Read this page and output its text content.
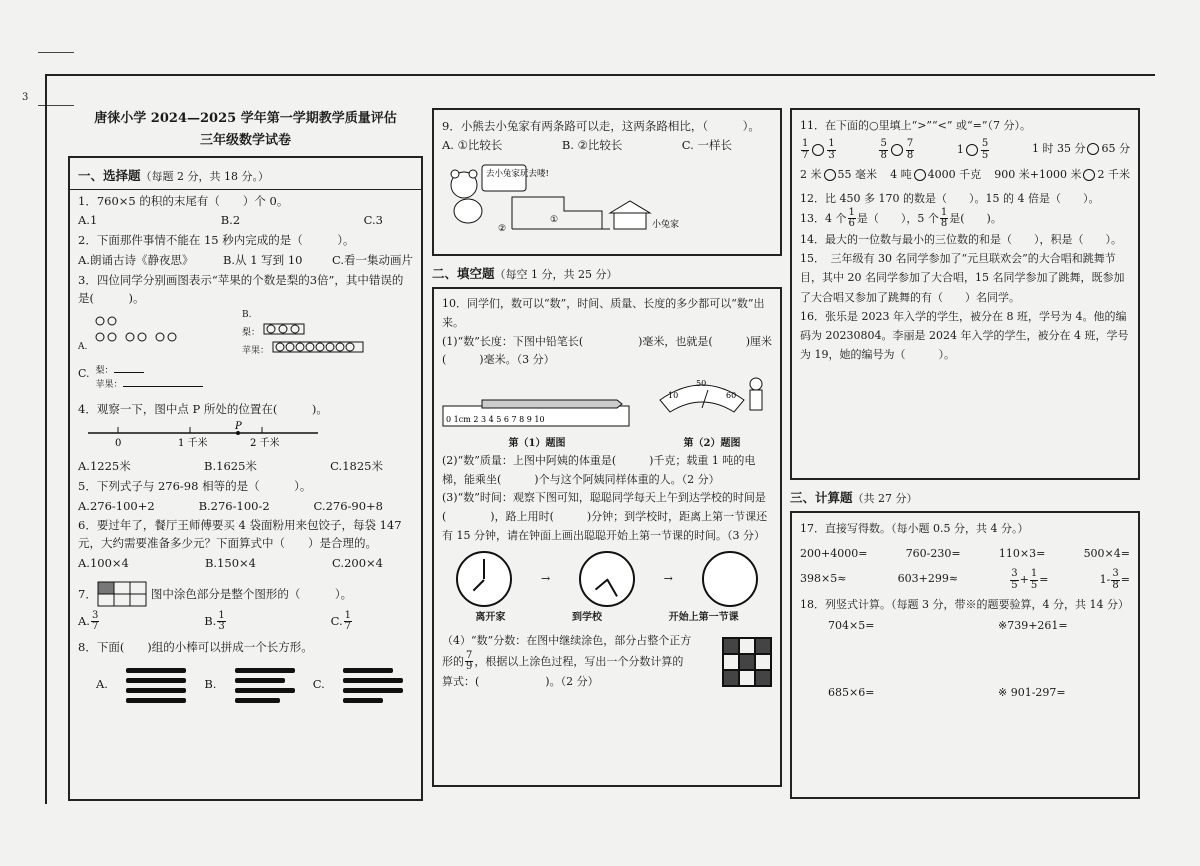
3
唐徕小学 2024—2025 学年第一学期教学质量评估
三年级数学试卷
一、选择题（每题 2 分，共 18 分。）
1．760×5 的积的末尾有（　　）个 0。
A.1	B.2	C.3
2．下面那件事情不能在 15 秒内完成的是（　　　）。
A.朗诵古诗《静夜思》	B.从 1 写到 10	C.看一集动画片
3．四位同学分别画图表示“苹果的个数是梨的3倍”，其中错误的是(　　　)。
A.
B.
梨：
苹果：
C. 梨：
苹果：
4．观察一下，图中点 P 所处的位置在(　　　)。
0	1 千米	2 千米
P
A.1225米	B.1625米	C.1825米
5．下列式子与 276-98 相等的是（　　　）。
A.276-100+2	B.276-100-2	C.276-90+8
6．要过年了，餐厅王师傅要买 4 袋面粉用来包饺子，每袋 147 元，大约需要准备多少元？下面算式中（　　）是合理的。
A.100×4	B.150×4	C.200×4
7．	图中涂色部分是整个图形的（　　　）。
A. $\frac{3}{7}$	B. $\frac{1}{3}$	C. $\frac{1}{7}$
8．下面(　　)组的小棒可以拼成一个长方形。
A.	B.	C.
9．小熊去小兔家有两条路可以走，这两条路相比，（　　　）。
A. ①比较长	B. ②比较长	C. 一样长
去小兔家玩去喽!
①
②	小兔家
二、填空题（每空 1 分，共 25 分）
10．同学们，数可以“数”，时间、质量、长度的多少都可以“数”出来。
(1)“数”长度：下图中铅笔长(　　　　　)毫米，也就是(　　　)厘米(　　　)毫米。（3 分）
0 1cm 2 3 4 5 6 7 8 9 10
第（1）题图
10
50
60
第（2）题图
(2)“数”质量：上图中阿姨的体重是(　　　)千克；载重 1 吨的电梯，能乘坐(　　　)个与这个阿姨同样体重的人。（2 分）
(3)“数”时间：观察下图可知，聪聪同学每天上午到达学校的时间是(　　　　)，路上用时(　　　)分钟；到学校时，距离上第一节课还有 15 分钟，请在钟面上画出聪聪开始上第一节课的时间。（3 分）
→	→
离开家	到学校	开始上第一节课
（4）“数”分数：在图中继续涂色，部分占整个正方形的 $\frac{7}{9}$ ，根据以上涂色过程，写出一个分数计算的算式：(　　　　　　)。（2 分）
11．在下面的○里填上“>”“<” 或“=”（7 分）。
$\frac{1}{7} \frac{1}{3}$	$\frac{5}{8} \frac{7}{8}$	$1 \frac{5}{5}$	1 时 35 分 65 分
2 米 55 毫米 4 吨 4000 千克 900 米+1000 米 2 千米
12．比 450 多 170 的数是（　　）。15 的 4 倍是（　　）。
13．4 个 $\frac{1}{6}$ 是（　　），5 个 $\frac{1}{8}$ 是(　　)。
14．最大的一位数与最小的三位数的和是（　　），积是（　　）。
15．　三年级有 30 名同学参加了“元旦联欢会”的大合唱和跳舞节目，其中 20 名同学参加了大合唱，15 名同学参加了跳舞，既参加了大合唱又参加了跳舞的有（　　）名同学。
16．张乐是 2023 年入学的学生，被分在 8 班，学号为 4。他的编码为 20230804。李丽是 2024 年入学的学生，被分在 4 班，学号为 19，她的编号为（　　　）。
三、计算题（共 27 分）
17．直接写得数。（每小题 0.5 分，共 4 分。）
200+4000=	760-230=	110×3=	500×4=
398×5≈	603+299≈	$\frac{3}{5} + \frac{1}{5}$ =	$1- \frac{3}{8}$ =
18．列竖式计算。（每题 3 分，带※的题要验算，4 分，共 14 分）
704×5=	※739+261=
685×6=	※ 901-297=
